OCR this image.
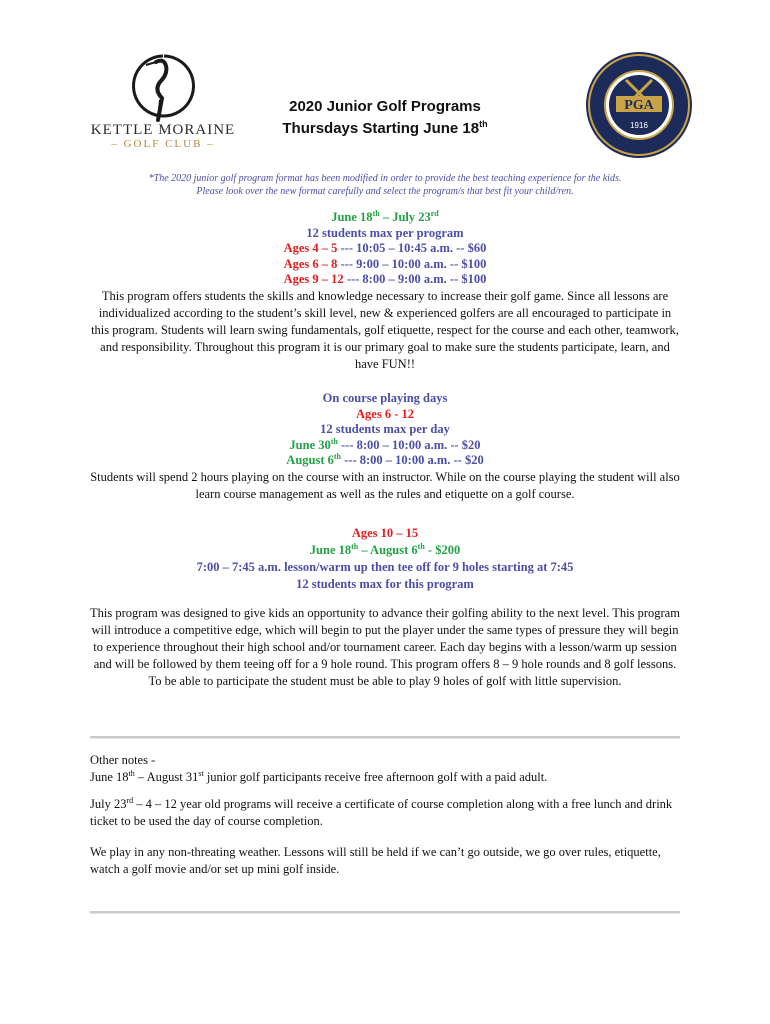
KETTLE MORAINE
– GOLF CLUB –
2020 Junior Golf Programs
Thursdays Starting June 18th
PGA
1916
*The 2020 junior golf program format has been modified in order to provide the best teaching experience for the kids.
Please look over the new format carefully and select the program/s that best fit your child/ren.
June 18th – July 23rd
12 students max per program
Ages 4 – 5 --- 10:05 – 10:45 a.m. -- $60
Ages 6 – 8 --- 9:00 – 10:00 a.m. -- $100
Ages 9 – 12 --- 8:00 – 9:00 a.m. -- $100
This program offers students the skills and knowledge necessary to increase their golf game. Since all lessons are individualized according to the student’s skill level, new & experienced golfers are all encouraged to participate in this program. Students will learn swing fundamentals, golf etiquette, respect for the course and each other, teamwork, and responsibility. Throughout this program it is our primary goal to make sure the students participate, learn, and have FUN!!
On course playing days
Ages 6 - 12
12 students max per day
June 30th --- 8:00 – 10:00 a.m. -- $20
August 6th --- 8:00 – 10:00 a.m. -- $20
Students will spend 2 hours playing on the course with an instructor. While on the course playing the student will also learn course management as well as the rules and etiquette on a golf course.
Ages 10 – 15
June 18th – August 6th - $200
7:00 – 7:45 a.m. lesson/warm up then tee off for 9 holes starting at 7:45
12 students max for this program
This program was designed to give kids an opportunity to advance their golfing ability to the next level. This program will introduce a competitive edge, which will begin to put the player under the same types of pressure they will begin to experience throughout their high school and/or tournament career. Each day begins with a lesson/warm up session and will be followed by them teeing off for a 9 hole round. This program offers 8 – 9 hole rounds and 8 golf lessons. To be able to participate the student must be able to play 9 holes of golf with little supervision.
Other notes -

June 18th – August 31st junior golf participants receive free afternoon golf with a paid adult.

July 23rd – 4 – 12 year old programs will receive a certificate of course completion along with a free lunch and drink ticket to be used the day of course completion.

We play in any non-threating weather. Lessons will still be held if we can’t go outside, we go over rules, etiquette, watch a golf movie and/or set up mini golf inside.
